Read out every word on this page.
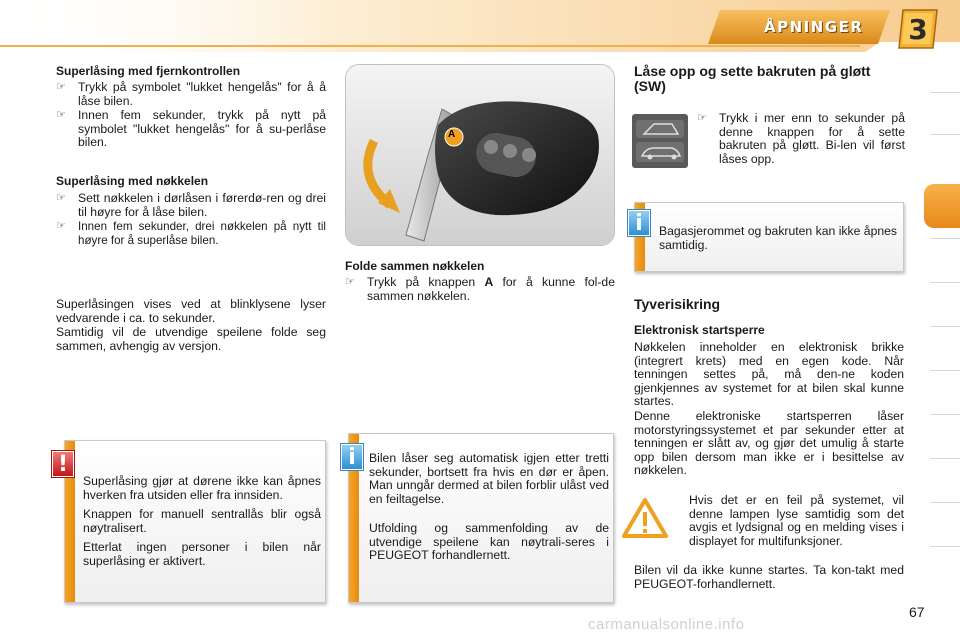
ÅPNINGER	3
Superlåsing med fjernkontrollen
☞ Trykk på symbolet "lukket hengelås" for å å låse bilen.
☞ Innen fem sekunder, trykk på nytt på symbolet "lukket hengelås" for å su-perlåse bilen.
Superlåsing med nøkkelen
☞ Sett nøkkelen i dørlåsen i førerdø-ren og drei til høyre for å låse bilen.
☞ Innen fem sekunder, drei nøkkelen på nytt til høyre for å superlåse bilen.
Superlåsingen vises ved at blinklysene lyser vedvarende i ca. to sekunder.
Samtidig vil de utvendige speilene folde seg sammen, avhengig av versjon.

Superlåsing gjør at dørene ikke kan åpnes hverken fra utsiden eller fra innsiden.

Knappen for manuell sentrallås blir også nøytralisert.

Etterlat ingen personer i bilen når superlåsing er aktivert.

!
A
Folde sammen nøkkelen
☞ Trykk på knappen A for å kunne fol-de sammen nøkkelen.

Bilen låser seg automatisk igjen etter tretti sekunder, bortsett fra hvis en dør er åpen. Man unngår dermed at bilen forblir ulåst ved en feiltagelse.

Utfolding og sammenfolding av de utvendige speilene kan nøytrali-seres i PEUGEOT forhandlernett.

i
Låse opp og sette bakruten på gløtt (SW)
☞ Trykk i mer enn to sekunder på denne knappen for å sette bakruten på gløtt. Bi-len vil først låses opp.
Bagasjerommet og bakruten kan ikke åpnes samtidig.
i
Tyverisikring
Elektronisk startsperre
Nøkkelen inneholder en elektronisk brikke (integrert krets) med en egen kode. Når tenningen settes på, må den-ne koden gjenkjennes av systemet for at bilen skal kunne startes.
Denne elektroniske startsperren låser motorstyringssystemet et par sekunder etter at tenningen er slått av, og gjør det umulig å starte opp bilen dersom man ikke er i besittelse av nøkkelen.
Hvis det er en feil på systemet, vil denne lampen lyse samtidig som det avgis et lydsignal og en melding vises i displayet for multifunksjoner.
Bilen vil da ikke kunne startes. Ta kon-takt med PEUGEOT-forhandlernett.
carmanualsonline.info
67
